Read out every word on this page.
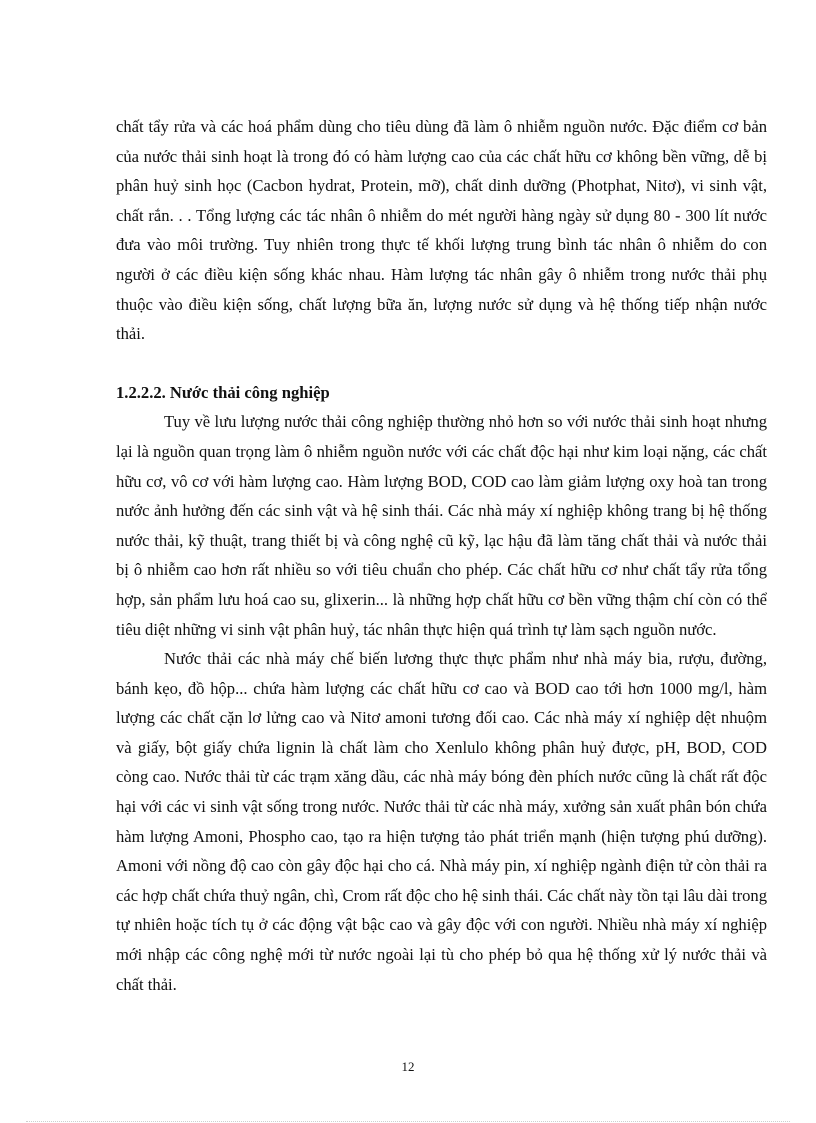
chất tẩy rửa và các hoá phẩm dùng cho tiêu dùng đã làm ô nhiễm nguồn nước. Đặc điểm cơ bản của nước thải sinh hoạt là trong đó có hàm lượng cao của các chất hữu cơ không bền vững, dễ bị phân huỷ sinh học (Cacbon hydrat, Protein, mỡ), chất dinh dưỡng (Photphat, Nitơ), vi sinh vật, chất rắn. . . Tổng lượng các tác nhân ô nhiễm do mét người hàng ngày sử dụng 80 - 300 lít nước đưa vào môi trường. Tuy nhiên trong thực tế khối lượng trung bình tác nhân ô nhiễm do con người ở các điều kiện sống khác nhau. Hàm lượng tác nhân gây ô nhiễm trong nước thải phụ thuộc vào điều kiện sống, chất lượng bữa ăn, lượng nước sử dụng và hệ thống tiếp nhận nước thải.

1.2.2.2. Nước thải công nghiệp

Tuy về lưu lượng nước thải công nghiệp thường nhỏ hơn so với nước thải sinh hoạt nhưng lại là nguồn quan trọng làm ô nhiễm nguồn nước với các chất độc hại như kim loại nặng, các chất hữu cơ, vô cơ với hàm lượng cao. Hàm lượng BOD, COD cao làm giảm lượng oxy hoà tan trong nước ảnh hưởng đến các sinh vật và hệ sinh thái. Các nhà máy xí nghiệp không trang bị hệ thống nước thải, kỹ thuật, trang thiết bị và công nghệ cũ kỹ, lạc hậu đã làm tăng chất thải và nước thải bị ô nhiễm cao hơn rất nhiều so với tiêu chuẩn cho phép. Các chất hữu cơ như chất tẩy rửa tổng hợp, sản phẩm lưu hoá cao su, glixerin... là những hợp chất hữu cơ bền vững thậm chí còn có thể tiêu diệt những vi sinh vật phân huỷ, tác nhân thực hiện quá trình tự làm sạch nguồn nước.

Nước thải các nhà máy chế biến lương thực thực phẩm như nhà máy bia, rượu, đường, bánh kẹo, đồ hộp... chứa hàm lượng các chất hữu cơ cao và BOD cao tới hơn 1000 mg/l, hàm lượng các chất cặn lơ lửng cao và Nitơ amoni tương đối cao. Các nhà máy xí nghiệp dệt nhuộm và giấy, bột giấy chứa lignin là chất làm cho Xenlulo không phân huỷ được, pH, BOD, COD còng cao. Nước thải từ các trạm xăng dầu, các nhà máy bóng đèn phích nước cũng là chất rất độc hại với các vi sinh vật sống trong nước. Nước thải từ các nhà máy, xưởng sản xuất phân bón chứa hàm lượng Amoni, Phospho cao, tạo ra hiện tượng tảo phát triển mạnh (hiện tượng phú dưỡng). Amoni với nồng độ cao còn gây độc hại cho cá. Nhà máy pin, xí nghiệp ngành điện tử còn thải ra các hợp chất chứa thuỷ ngân, chì, Crom rất độc cho hệ sinh thái. Các chất này tồn tại lâu dài trong tự nhiên hoặc tích tụ ở các động vật bậc cao và gây độc với con người. Nhiều nhà máy xí nghiệp mới nhập các công nghệ mới từ nước ngoài lại tù cho phép bỏ qua hệ thống xử lý nước thải và chất thải.

12
